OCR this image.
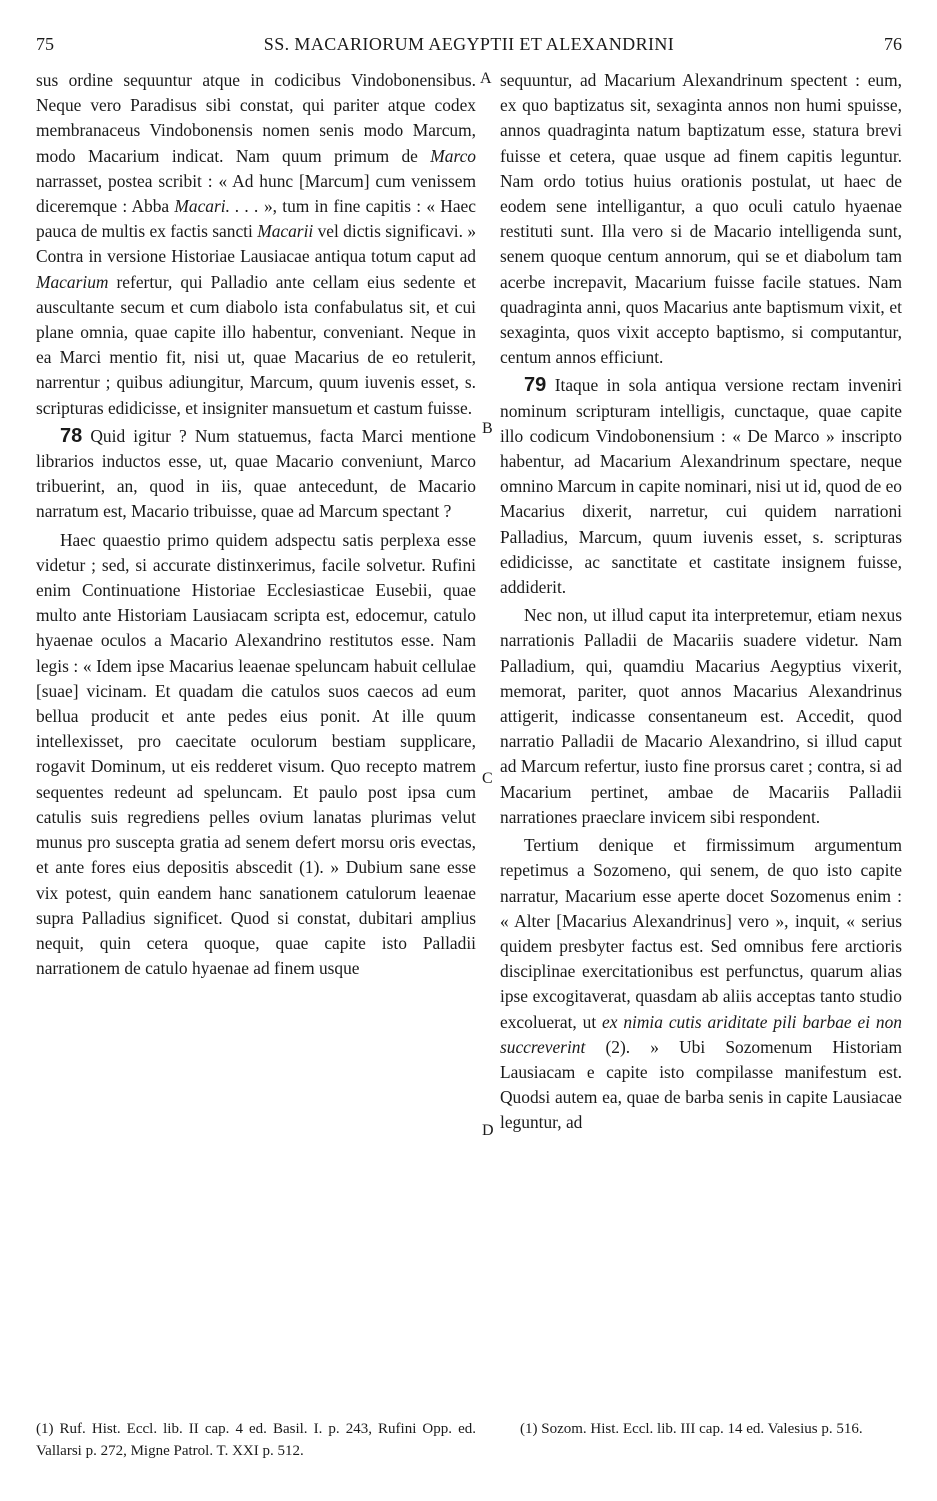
75	SS. MACARIORUM AEGYPTII ET ALEXANDRINI	76

sus ordine sequuntur atque in codicibus Vindobonensibus. Neque vero Paradisus sibi constat, qui pariter atque codex membranaceus Vindobonensis nomen senis modo Marcum, modo Macarium indicat. Nam quum primum de Marco narrasset, postea scribit : « Ad hunc [Marcum] cum venissem diceremque : Abba Macari. . . . », tum in fine capitis : « Haec pauca de multis ex factis sancti Macarii vel dictis significavi. » Contra in versione Historiae Lausiacae antiqua totum caput ad Macarium refertur, qui Palladio ante cellam eius sedente et auscultante secum et cum diabolo ista confabulatus sit, et cui plane omnia, quae capite illo habentur, conveniant. Neque in ea Marci mentio fit, nisi ut, quae Macarius de eo retulerit, narrentur ; quibus adiungitur, Marcum, quum iuvenis esset, s. scripturas edidicisse, et insigniter mansuetum et castum fuisse.

78 Quid igitur ? Num statuemus, facta Marci mentione librarios inductos esse, ut, quae Macario conveniunt, Marco tribuerint, an, quod in iis, quae antecedunt, de Macario narratum est, Macario tribuisse, quae ad Marcum spectant ?

Haec quaestio primo quidem adspectu satis perplexa esse videtur ; sed, si accurate distinxerimus, facile solvetur. Rufini enim Continuatione Historiae Ecclesiasticae Eusebii, quae multo ante Historiam Lausiacam scripta est, edocemur, catulo hyaenae oculos a Macario Alexandrino restitutos esse. Nam legis : « Idem ipse Macarius leaenae speluncam habuit cellulae [suae] vicinam. Et quadam die catulos suos caecos ad eum bellua producit et ante pedes eius ponit. At ille quum intellexisset, pro caecitate oculorum bestiam supplicare, rogavit Dominum, ut eis redderet visum. Quo recepto matrem sequentes redeunt ad speluncam. Et paulo post ipsa cum catulis suis regrediens pelles ovium lanatas plurimas velut munus pro suscepta gratia ad senem defert morsu oris evectas, et ante fores eius depositis abscedit (1). » Dubium sane esse vix potest, quin eandem hanc sanationem catulorum leaenae supra Palladius significet. Quod si constat, dubitari amplius nequit, quin cetera quoque, quae capite isto Palladii narrationem de catulo hyaenae ad finem usque

sequuntur, ad Macarium Alexandrinum spectent : eum, ex quo baptizatus sit, sexaginta annos non humi spuisse, annos quadraginta natum baptizatum esse, statura brevi fuisse et cetera, quae usque ad finem capitis leguntur. Nam ordo totius huius orationis postulat, ut haec de eodem sene intelligantur, a quo oculi catulo hyaenae restituti sunt. Illa vero si de Macario intelligenda sunt, senem quoque centum annorum, qui se et diabolum tam acerbe increpavit, Macarium fuisse facile statues. Nam quadraginta anni, quos Macarius ante baptismum vixit, et sexaginta, quos vixit accepto baptismo, si computantur, centum annos efficiunt.

79 Itaque in sola antiqua versione rectam inveniri nominum scripturam intelligis, cunctaque, quae capite illo codicum Vindobonensium : « De Marco » inscripto habentur, ad Macarium Alexandrinum spectare, neque omnino Marcum in capite nominari, nisi ut id, quod de eo Macarius dixerit, narretur, cui quidem narrationi Palladius, Marcum, quum iuvenis esset, s. scripturas edidicisse, ac sanctitate et castitate insignem fuisse, addiderit.

Nec non, ut illud caput ita interpretemur, etiam nexus narrationis Palladii de Macariis suadere videtur. Nam Palladium, qui, quamdiu Macarius Aegyptius vixerit, memorat, pariter, quot annos Macarius Alexandrinus attigerit, indicasse consentaneum est. Accedit, quod narratio Palladii de Macario Alexandrino, si illud caput ad Marcum refertur, iusto fine prorsus caret ; contra, si ad Macarium pertinet, ambae de Macariis Palladii narrationes praeclare invicem sibi respondent.

Tertium denique et firmissimum argumentum repetimus a Sozomeno, qui senem, de quo isto capite narratur, Macarium esse aperte docet Sozomenus enim : « Alter [Macarius Alexandrinus] vero », inquit, « serius quidem presbyter factus est. Sed omnibus fere arctioris disciplinae exercitationibus est perfunctus, quarum alias ipse excogitaverat, quasdam ab aliis acceptas tanto studio excoluerat, ut ex nimia cutis ariditate pili barbae ei non succreverint (2). » Ubi Sozomenum Historiam Lausiacam e capite isto compilasse manifestum est. Quodsi autem ea, quae de barba senis in capite Lausiacae leguntur, ad

A
B
C
D
(1) Ruf. Hist. Eccl. lib. II cap. 4 ed. Basil. I. p. 243, Rufini Opp. ed. Vallarsi p. 272, Migne Patrol. T. XXI p. 512.
(1) Sozom. Hist. Eccl. lib. III cap. 14 ed. Valesius p. 516.
